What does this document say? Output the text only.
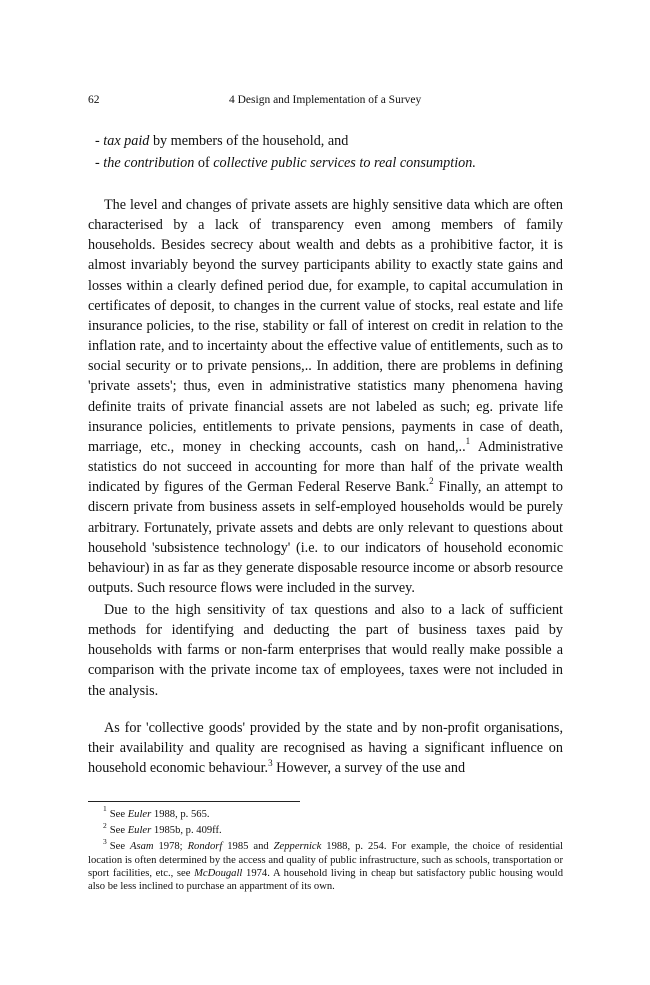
62	4 Design and Implementation of a Survey
- tax paid by members of the household, and
- the contribution of collective public services to real consumption.

The level and changes of private assets are highly sensitive data which are often characterised by a lack of transparency even among members of family households. Besides secrecy about wealth and debts as a prohibitive factor, it is almost invariably beyond the survey participants ability to exactly state gains and losses within a clearly defined period due, for example, to capital accumulation in certificates of deposit, to changes in the current value of stocks, real estate and life insurance policies, to the rise, stability or fall of interest on credit in relation to the inflation rate, and to incertainty about the effective value of entitlements, such as to social security or to private pensions,.. In addition, there are problems in defining 'private assets'; thus, even in administrative statistics many phenomena having definite traits of private financial assets are not labeled as such; eg. private life insurance policies, entitlements to private pensions, payments in case of death, marriage, etc., money in checking accounts, cash on hand,..$^1$ Administrative statistics do not succeed in accounting for more than half of the private wealth indicated by figures of the German Federal Reserve Bank.$^2$ Finally, an attempt to discern private from business assets in self-employed households would be purely arbitrary. Fortunately, private assets and debts are only relevant to questions about household 'subsistence technology' (i.e. to our indicators of household economic behaviour) in as far as they generate disposable resource income or absorb resource outputs. Such resource flows were included in the survey.

Due to the high sensitivity of tax questions and also to a lack of sufficient methods for identifying and deducting the part of business taxes paid by households with farms or non-farm enterprises that would really make possible a comparison with the private income tax of employees, taxes were not included in the analysis.

As for 'collective goods' provided by the state and by non-profit organisations, their availability and quality are recognised as having a significant influence on household economic behaviour.$^3$ However, a survey of the use and

$^1$See Euler 1988, p. 565.

$^2$See Euler 1985b, p. 409ff.

$^3$See Asam 1978; Rondorf 1985 and Zeppernick 1988, p. 254. For example, the choice of residential location is often determined by the access and quality of public infrastructure, such as schools, transportation or sport facilities, etc., see McDougall 1974. A household living in cheap but satisfactory public housing would also be less inclined to purchase an appartment of its own.
